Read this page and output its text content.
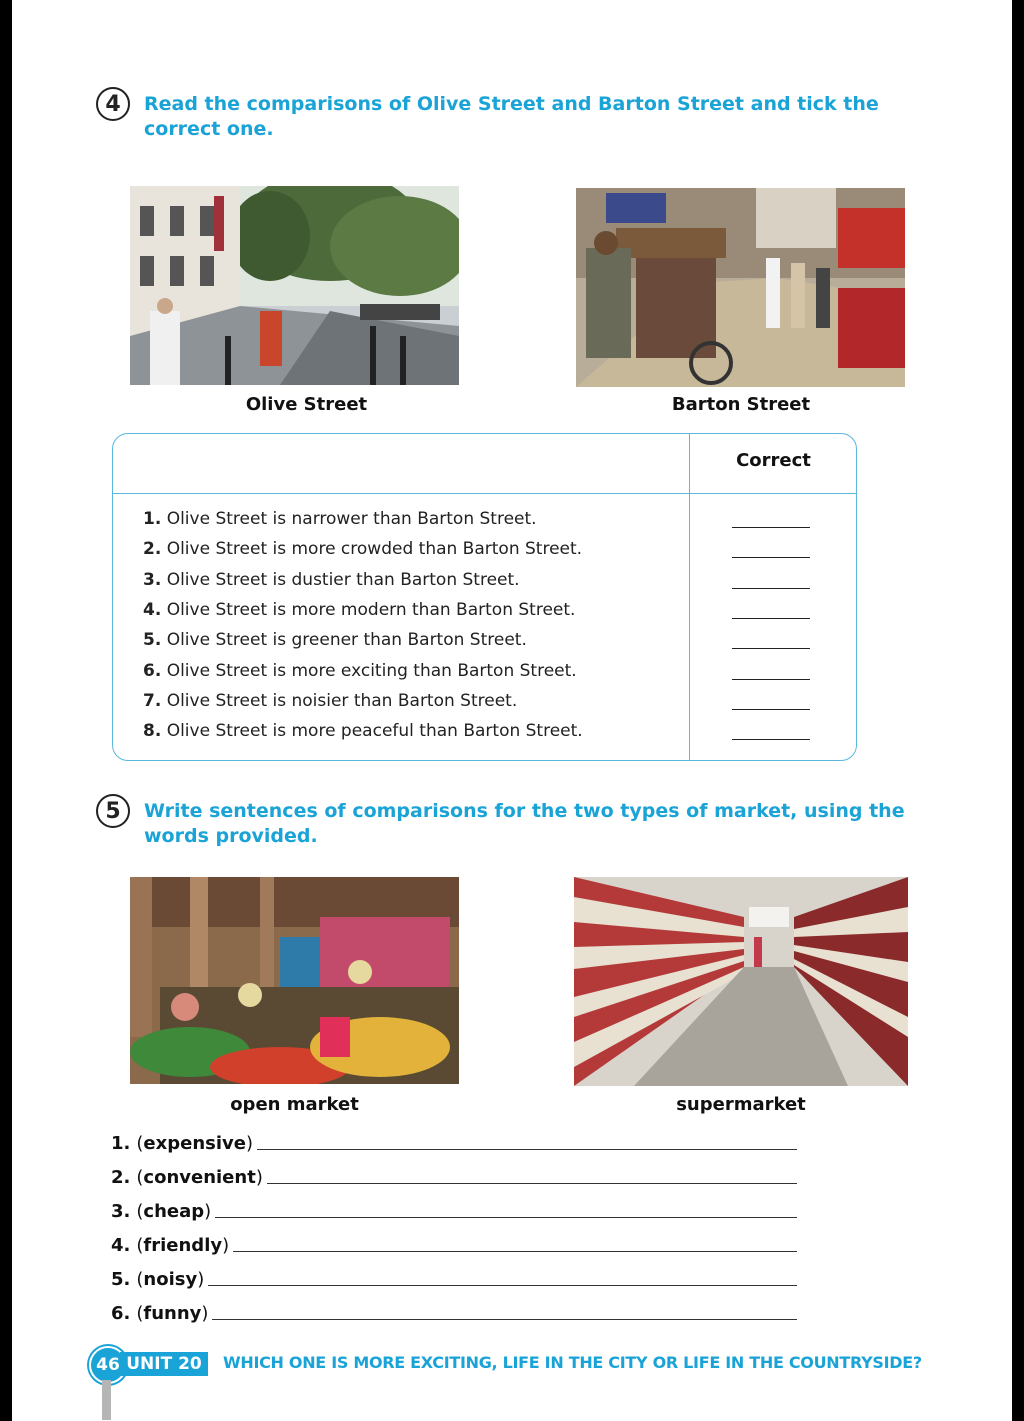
4	Read the comparisons of Olive Street and Barton Street and tick the
correct one.
Olive Street	Barton Street
Correct
5	Write sentences of comparisons for the two types of market, using the
words provided.
open market	supermarket
46 UNIT 20	WHICH ONE IS MORE EXCITING, LIFE IN THE CITY OR LIFE IN THE COUNTRYSIDE?
1. Olive Street is narrower than Barton Street.
2. Olive Street is more crowded than Barton Street.
3. Olive Street is dustier than Barton Street.
4. Olive Street is more modern than Barton Street.
5. Olive Street is greener than Barton Street.
6. Olive Street is more exciting than Barton Street.
7. Olive Street is noisier than Barton Street.
8. Olive Street is more peaceful than Barton Street.
1. (expensive)
2. (convenient)
3. (cheap)
4. (friendly)
5. (noisy)
6. (funny)
